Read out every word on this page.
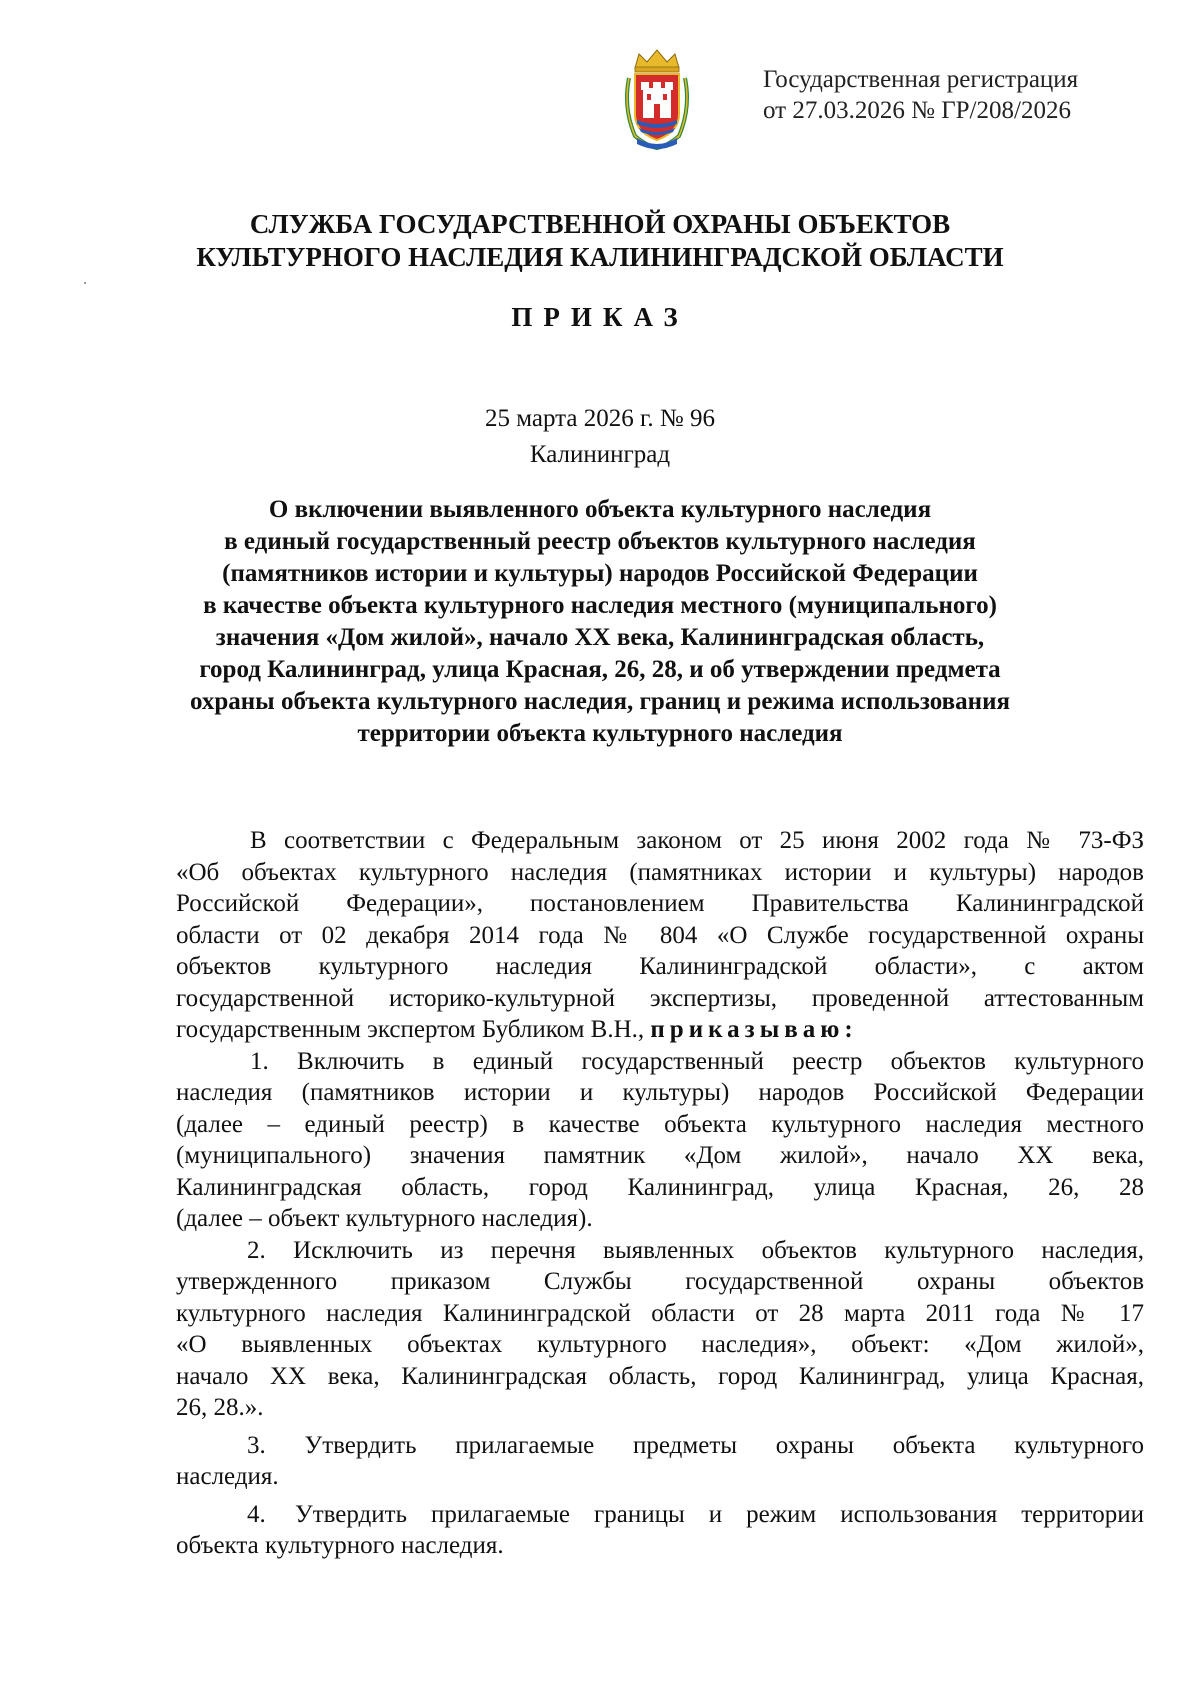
Государственная регистрация
от 27.03.2026 № ГР/208/2026
СЛУЖБА ГОСУДАРСТВЕННОЙ ОХРАНЫ ОБЪЕКТОВ
КУЛЬТУРНОГО НАСЛЕДИЯ КАЛИНИНГРАДСКОЙ ОБЛАСТИ
ПРИКАЗ
25 марта 2026 г. № 96
Калининград
О включении выявленного объекта культурного наследия
в единый государственный реестр объектов культурного наследия
(памятников истории и культуры) народов Российской Федерации
в качестве объекта культурного наследия местного (муниципального)
значения «Дом жилой», начало XX века, Калининградская область,
город Калининград, улица Красная, 26, 28, и об утверждении предмета
охраны объекта культурного наследия, границ и режима использования
территории объекта культурного наследия
В соответствии с Федеральным законом от 25 июня 2002 года № 73-ФЗ
«Об объектах культурного наследия (памятниках истории и культуры) народов
Российской Федерации», постановлением Правительства Калининградской
области от 02 декабря 2014 года № 804 «О Службе государственной охраны
объектов культурного наследия Калининградской области», с актом
государственной историко-культурной экспертизы, проведенной аттестованным
государственным экспертом Бубликом В.Н., приказываю:
1. Включить в единый государственный реестр объектов культурного
наследия (памятников истории и культуры) народов Российской Федерации
(далее – единый реестр) в качестве объекта культурного наследия местного
(муниципального) значения памятник «Дом жилой», начало XX века,
Калининградская область, город Калининград, улица Красная, 26, 28
(далее – объект культурного наследия).
2. Исключить из перечня выявленных объектов культурного наследия,
утвержденного приказом Службы государственной охраны объектов
культурного наследия Калининградской области от 28 марта 2011 года № 17
«О выявленных объектах культурного наследия», объект: «Дом жилой»,
начало XX века, Калининградская область, город Калининград, улица Красная,
26, 28.».
3. Утвердить прилагаемые предметы охраны объекта культурного
наследия.
4.	Утвердить прилагаемые границы и режим использования территории
объекта культурного наследия.
